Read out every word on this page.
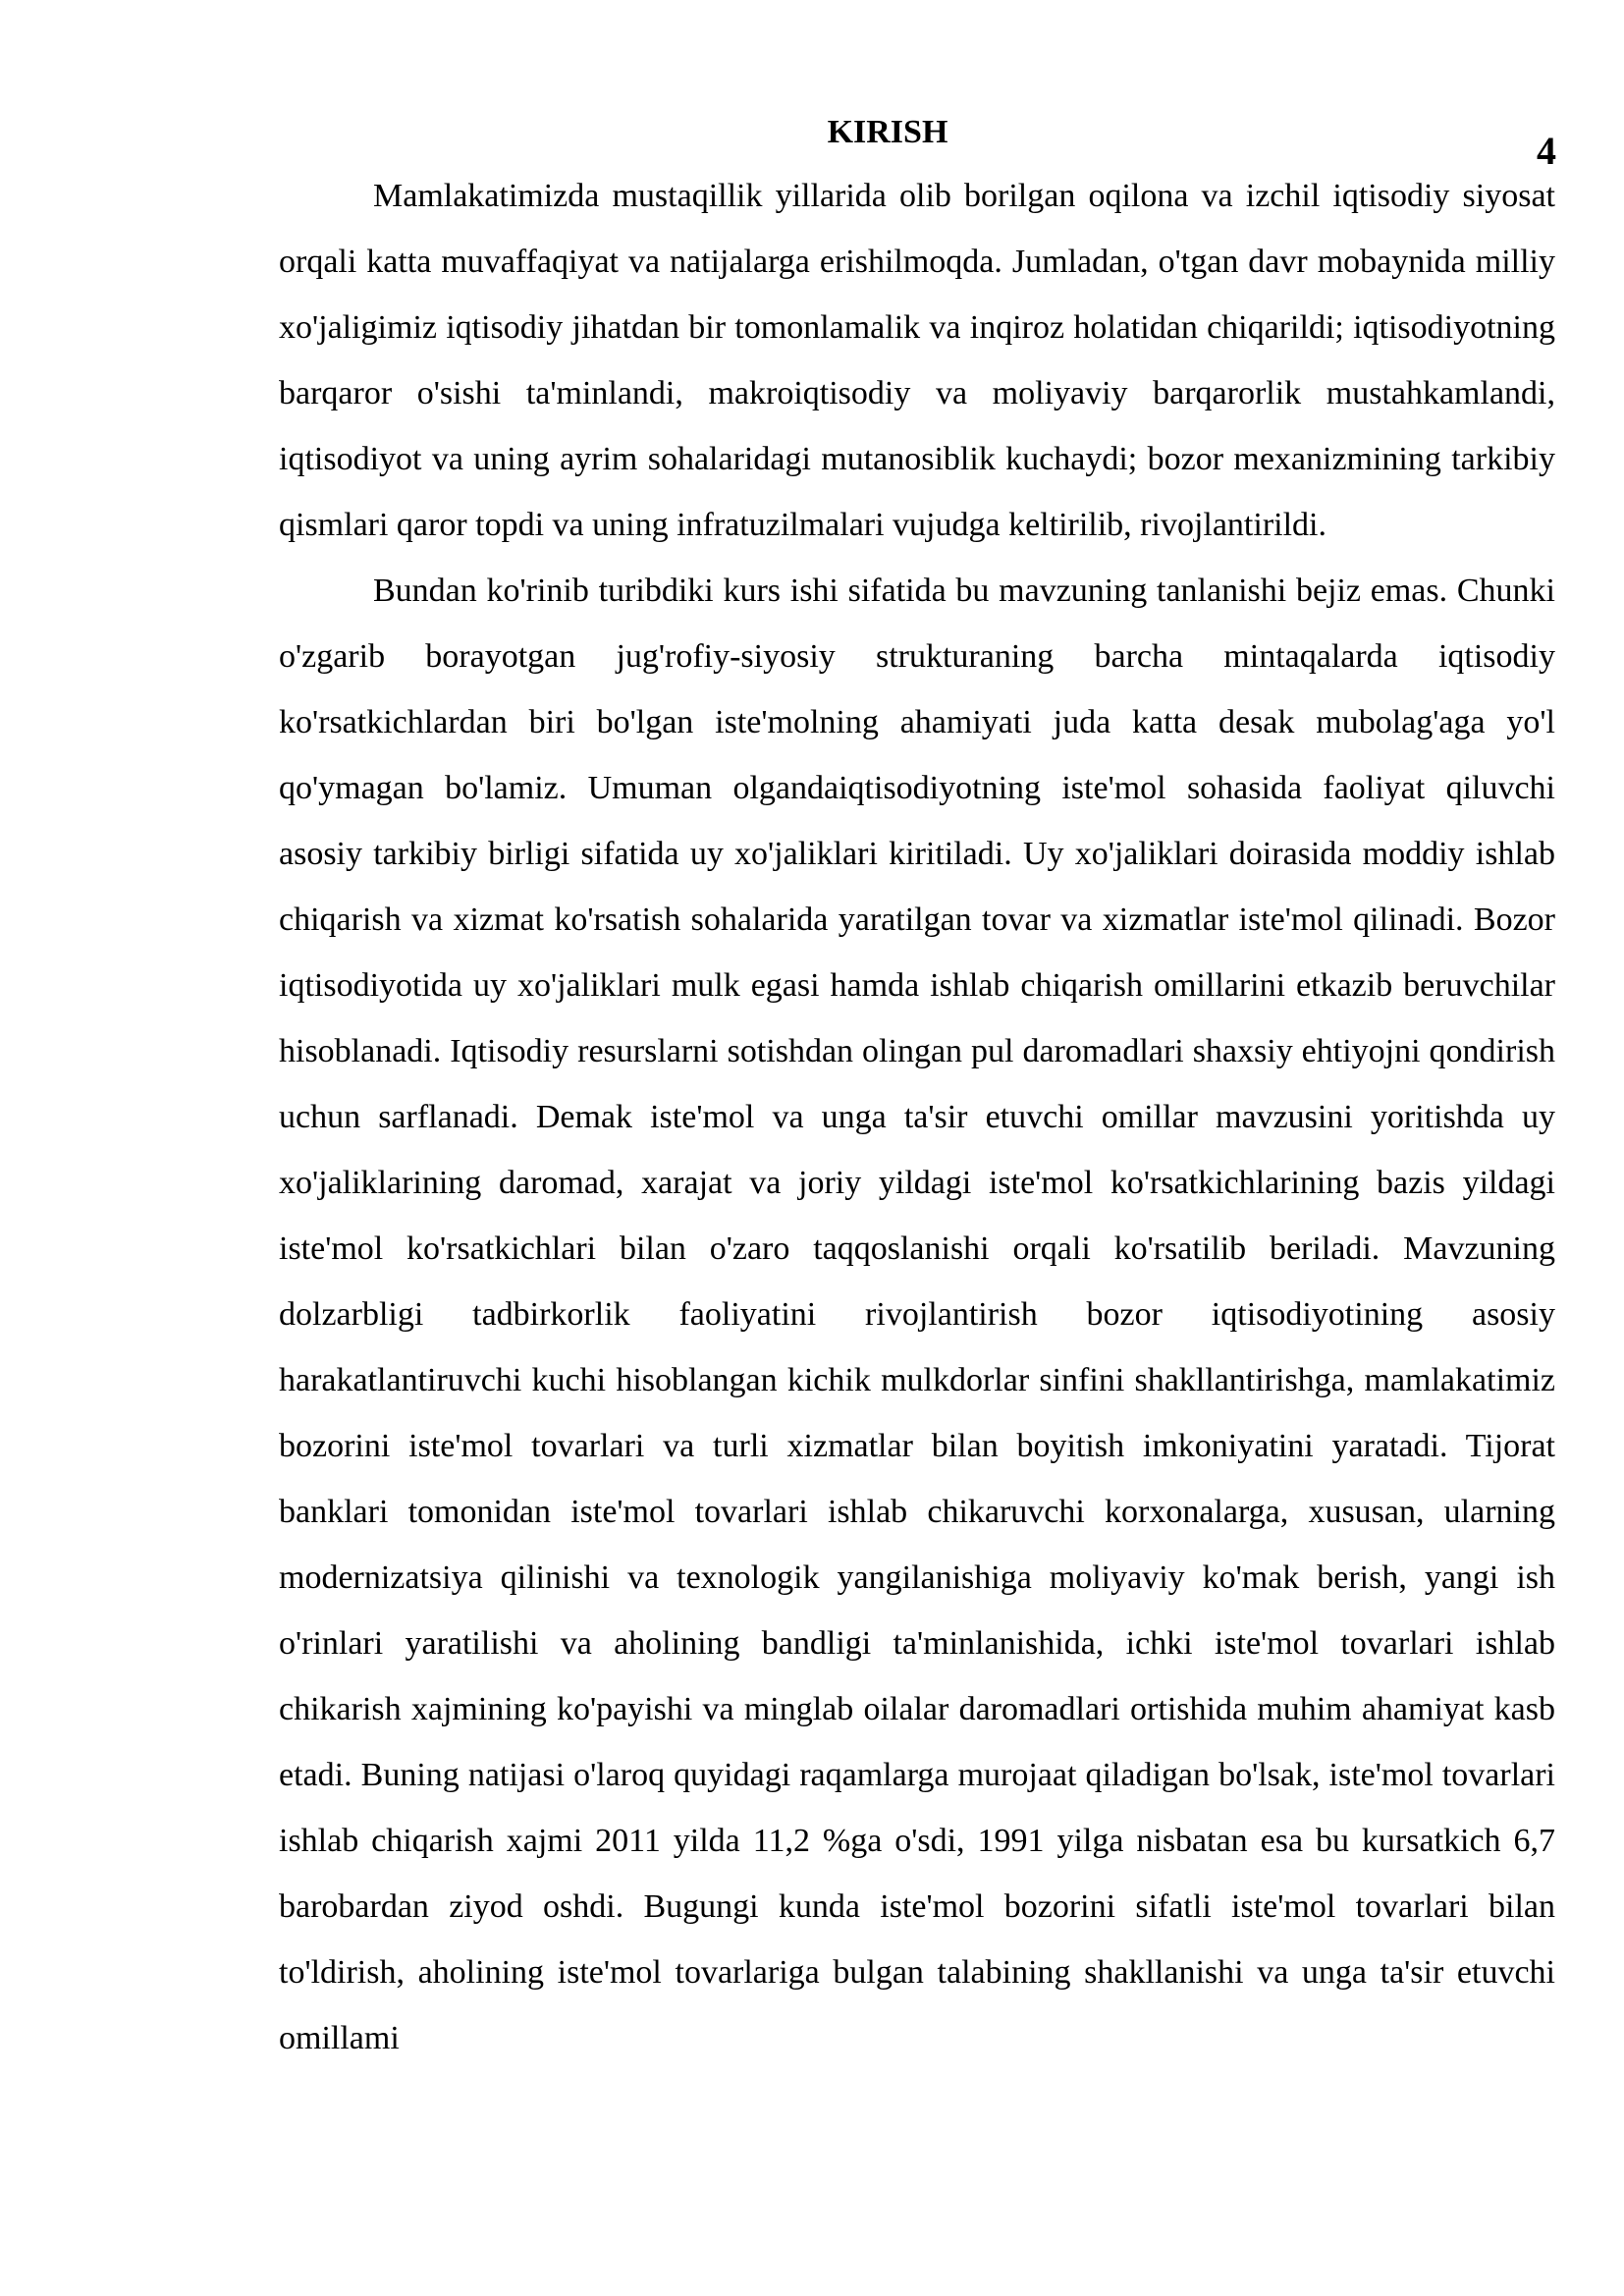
4
KIRISH

Mamlakatimizda mustaqillik yillarida olib borilgan oqilona va izchil iqtisodiy siyosat orqali katta muvaffaqiyat va natijalarga erishilmoqda. Jumladan, o'tgan davr mobaynida milliy xo'jaligimiz iqtisodiy jihatdan bir tomonlamalik va inqiroz holatidan chiqarildi; iqtisodiyotning barqaror o'sishi ta'minlandi, makroiqtisodiy va moliyaviy barqarorlik mustahkamlandi, iqtisodiyot va uning ayrim sohalaridagi mutanosiblik kuchaydi; bozor mexanizmining tarkibiy qismlari qaror topdi va uning infratuzilmalari vujudga keltirilib, rivojlantirildi.

Bundan ko'rinib turibdiki kurs ishi sifatida bu mavzuning tanlanishi bejiz emas. Chunki o'zgarib borayotgan jug'rofiy-siyosiy strukturaning barcha mintaqalarda iqtisodiy ko'rsatkichlardan biri bo'lgan iste'molning ahamiyati juda katta desak mubolag'aga yo'l qo'ymagan bo'lamiz. Umuman olgandaiqtisodiyotning iste'mol sohasida faoliyat qiluvchi asosiy tarkibiy birligi sifatida uy xo'jaliklari kiritiladi. Uy xo'jaliklari doirasida moddiy ishlab chiqarish va xizmat ko'rsatish sohalarida yaratilgan tovar va xizmatlar iste'mol qilinadi. Bozor iqtisodiyotida uy xo'jaliklari mulk egasi hamda ishlab chiqarish omillarini etkazib beruvchilar hisoblanadi. Iqtisodiy resurslarni sotishdan olingan pul daromadlari shaxsiy ehtiyojni qondirish uchun sarflanadi. Demak iste'mol va unga ta'sir etuvchi omillar mavzusini yoritishda uy xo'jaliklarining daromad, xarajat va joriy yildagi iste'mol ko'rsatkichlarining bazis yildagi iste'mol ko'rsatkichlari bilan o'zaro taqqoslanishi orqali ko'rsatilib beriladi. Mavzuning dolzarbligi tadbirkorlik faoliyatini rivojlantirish bozor iqtisodiyotining asosiy harakatlantiruvchi kuchi hisoblangan kichik mulkdorlar sinfini shakllantirishga, mamlakatimiz bozorini iste'mol tovarlari va turli xizmatlar bilan boyitish imkoniyatini yaratadi. Tijorat banklari tomonidan iste'mol tovarlari ishlab chikaruvchi korxonalarga, xususan, ularning modernizatsiya qilinishi va texnologik yangilanishiga moliyaviy ko'mak berish, yangi ish o'rinlari yaratilishi va aholining bandligi ta'minlanishida, ichki iste'mol tovarlari ishlab chikarish xajmining ko'payishi va minglab oilalar daromadlari ortishida muhim ahamiyat kasb etadi. Buning natijasi o'laroq quyidagi raqamlarga murojaat qiladigan bo'lsak, iste'mol tovarlari ishlab chiqarish xajmi 2011 yilda 11,2 %ga o'sdi, 1991 yilga nisbatan esa bu kursatkich 6,7 barobardan ziyod oshdi. Bugungi kunda iste'mol bozorini sifatli iste'mol tovarlari bilan to'ldirish, aholining iste'mol tovarlariga bulgan talabining shakllanishi va unga ta'sir etuvchi omillami
